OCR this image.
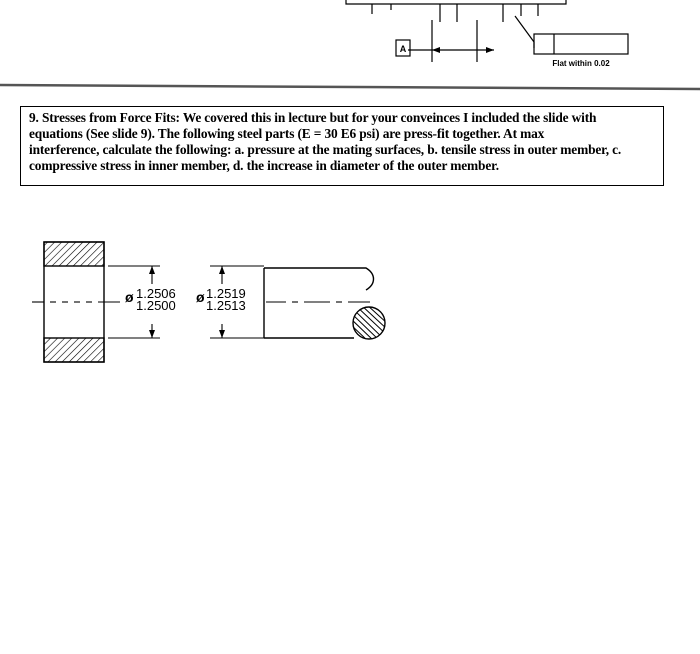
A
Flat within 0.02
9. Stresses from Force Fits: We covered this in lecture but for your conveinces I included the slide with
equations (See slide 9). The following steel parts (E = 30 E6 psi) are press-fit together. At max
interference, calculate the following: a. pressure at the mating surfaces, b. tensile stress in outer member, c.
compressive stress in inner member, d. the increase in diameter of the outer member.
ø 1.2506
1.2500
ø 1.2519
1.2513
